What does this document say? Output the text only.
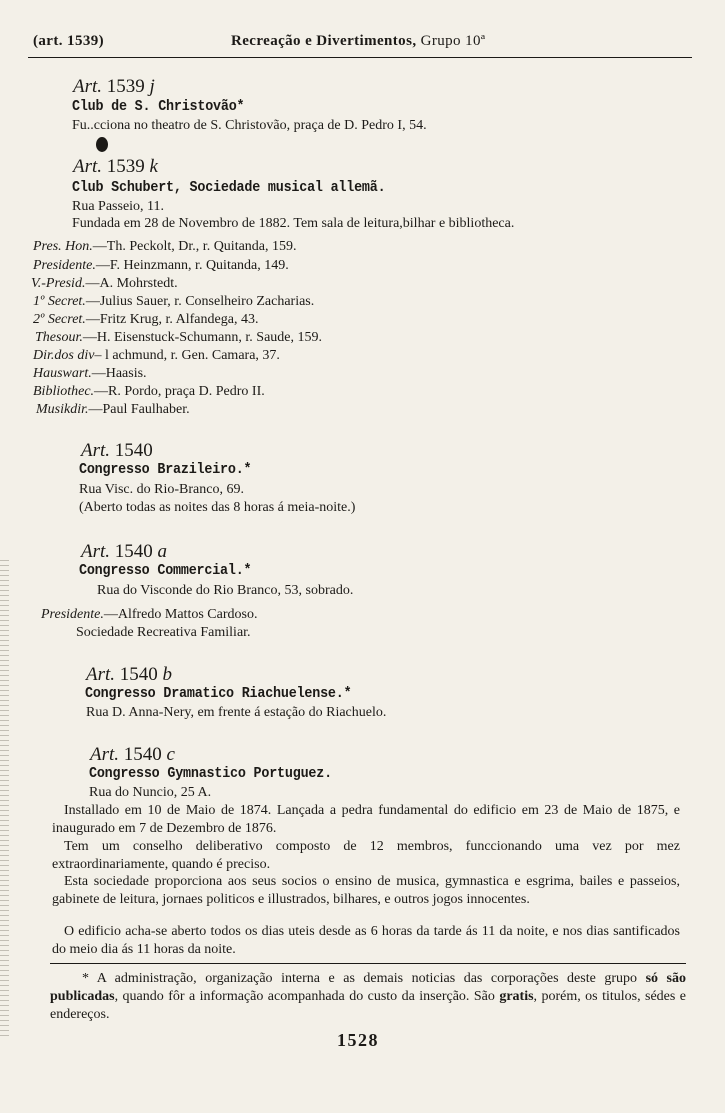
(art. 1539)	Recreação e Divertimentos, Grupo 10ª
Art. 1539 j
Club de S. Christovão*
Fu..cciona no theatro de S. Christovão, praça de D. Pedro I, 54.
Art. 1539 k
Club Schubert, Sociedade musical allemã.
Rua Passeio, 11.
Fundada em 28 de Novembro de 1882. Tem sala de leitura,bilhar e bibliotheca.
Pres. Hon.—Th. Peckolt, Dr., r. Quitanda, 159.
Presidente.—F. Heinzmann, r. Quitanda, 149.
V.-Presid.—A. Mohrstedt.
1º Secret.—Julius Sauer, r. Conselheiro Zacharias.
2º Secret.—Fritz Krug, r. Alfandega, 43.
Thesour.—H. Eisenstuck-Schumann, r. Saude, 159.
Dir.dos div– l achmund, r. Gen. Camara, 37.
Hauswart.—Haasis.
Bibliothec.—R. Pordo, praça D. Pedro II.
Musikdir.—Paul Faulhaber.
Art. 1540
Congresso Brazileiro.*
Rua Visc. do Rio-Branco, 69.
(Aberto todas as noites das 8 horas á meia-noite.)
Art. 1540 a
Congresso Commercial.*
Rua do Visconde do Rio Branco, 53, sobrado.
Presidente.—Alfredo Mattos Cardoso.
Sociedade Recreativa Familiar.
Art. 1540 b
Congresso Dramatico Riachuelense.*
Rua D. Anna-Nery, em frente á estação do Riachuelo.
Art. 1540 c
Congresso Gymnastico Portuguez.
Rua do Nuncio, 25 A.
Installado em 10 de Maio de 1874. Lançada a pedra fundamental do edificio em 23 de Maio de 1875, e inaugurado em 7 de Dezembro de 1876.
Tem um conselho deliberativo composto de 12 membros, funccionando uma vez por mez extraordinariamente, quando é preciso.
Esta sociedade proporciona aos seus socios o ensino de musica, gymnastica e esgrima, bailes e passeios, gabinete de leitura, jornaes politicos e illustrados, bilhares, e outros jogos innocentes.
O edificio acha-se aberto todos os dias uteis desde as 6 horas da tarde ás 11 da noite, e nos dias santificados do meio dia ás 11 horas da noite.
* A administração, organização interna e as demais noticias das corporações deste grupo só são publicadas, quando fôr a informação acompanhada do custo da inserção. São gratis, porém, os titulos, sédes e endereços.
1528
